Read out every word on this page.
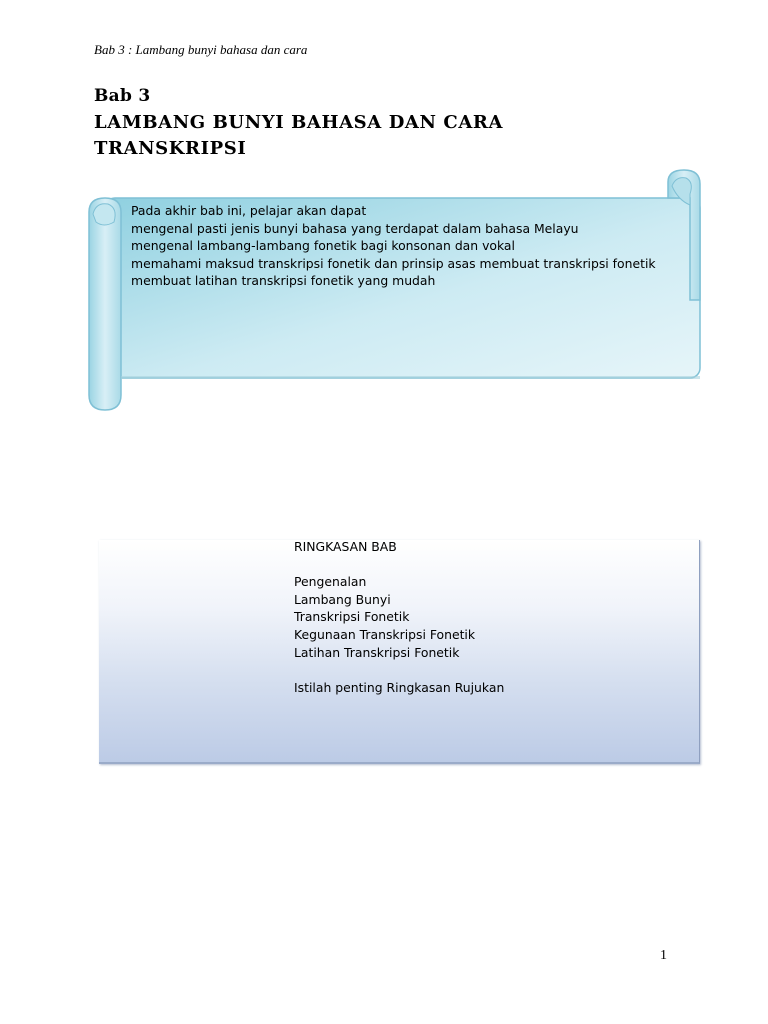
Bab 3 : Lambang bunyi bahasa dan cara
Bab 3
LAMBANG BUNYI BAHASA DAN CARA
TRANSKRIPSI
Pada akhir bab ini, pelajar akan dapat
mengenal pasti jenis bunyi bahasa yang terdapat dalam bahasa Melayu
mengenal lambang-lambang fonetik bagi konsonan dan vokal
memahami maksud transkripsi fonetik dan prinsip asas membuat transkripsi fonetik
membuat latihan transkripsi fonetik yang mudah
RINGKASAN BAB
Pengenalan
Lambang Bunyi
Transkripsi Fonetik
Kegunaan Transkripsi Fonetik
Latihan Transkripsi Fonetik
Istilah penting Ringkasan Rujukan
1
